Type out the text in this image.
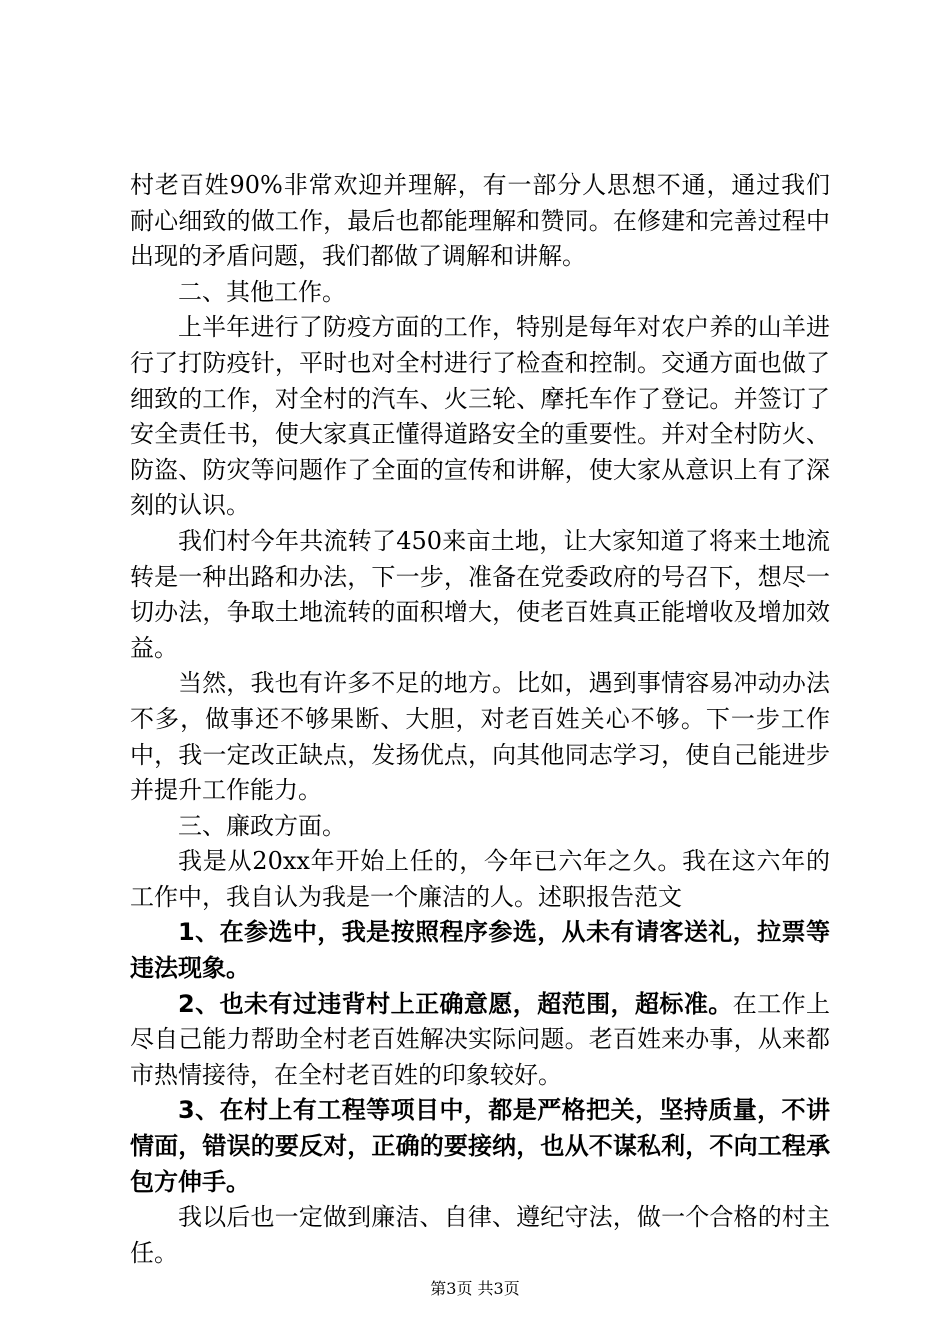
村老百姓90%非常欢迎并理解，有一部分人思想不通，通过我们耐心细致的做工作，最后也都能理解和赞同。在修建和完善过程中出现的矛盾问题，我们都做了调解和讲解。

二、其他工作。

上半年进行了防疫方面的工作，特别是每年对农户养的山羊进行了打防疫针，平时也对全村进行了检查和控制。交通方面也做了细致的工作，对全村的汽车、火三轮、摩托车作了登记。并签订了安全责任书，使大家真正懂得道路安全的重要性。并对全村防火、防盗、防灾等问题作了全面的宣传和讲解，使大家从意识上有了深刻的认识。

我们村今年共流转了450来亩土地，让大家知道了将来土地流转是一种出路和办法，下一步，准备在党委政府的号召下，想尽一切办法，争取土地流转的面积增大，使老百姓真正能增收及增加效益。

当然，我也有许多不足的地方。比如，遇到事情容易冲动办法不多，做事还不够果断、大胆，对老百姓关心不够。下一步工作中，我一定改正缺点，发扬优点，向其他同志学习，使自己能进步并提升工作能力。

三、廉政方面。

我是从20xx年开始上任的，今年已六年之久。我在这六年的工作中，我自认为我是一个廉洁的人。述职报告范文

1、在参选中，我是按照程序参选，从未有请客送礼，拉票等违法现象。

2、也未有过违背村上正确意愿，超范围，超标准。在工作上尽自己能力帮助全村老百姓解决实际问题。老百姓来办事，从来都市热情接待，在全村老百姓的印象较好。

3、在村上有工程等项目中，都是严格把关，坚持质量，不讲情面，错误的要反对，正确的要接纳，也从不谋私利，不向工程承包方伸手。

我以后也一定做到廉洁、自律、遵纪守法，做一个合格的村主任。

第3页 共3页
